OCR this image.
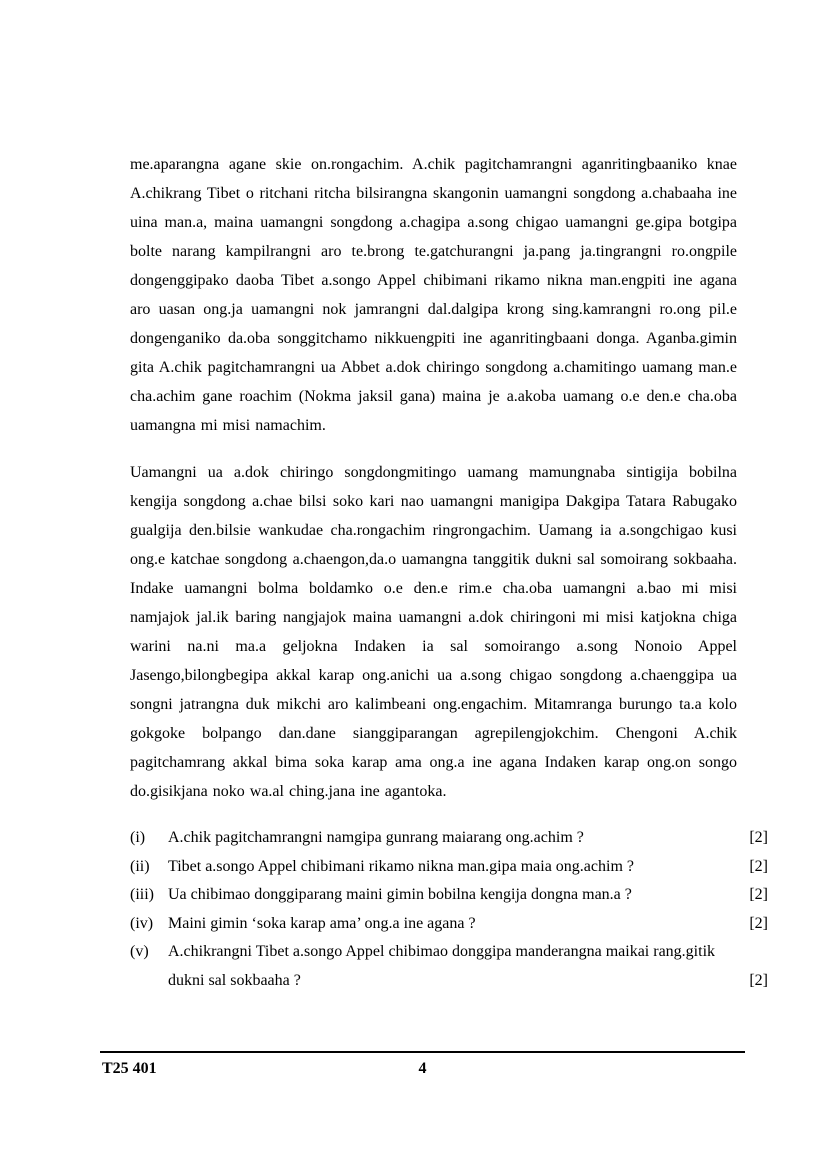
me.aparangna agane skie on.rongachim. A.chik pagitchamrangni aganritingbaaniko knae A.chikrang Tibet o ritchani ritcha bilsirangna skangonin uamangni songdong a.chabaaha ine uina man.a, maina uamangni songdong a.chagipa a.song chigao uamangni ge.gipa botgipa bolte narang kampilrangni aro te.brong te.gatchurangni ja.pang ja.tingrangni ro.ongpile dongenggipako daoba Tibet a.songo Appel chibimani rikamo nikna man.engpiti ine agana aro uasan ong.ja uamangni nok jamrangni dal.dalgipa krong sing.kamrangni ro.ong pil.e dongenganiko da.oba songgitchamo nikkuengpiti ine aganritingbaani donga. Aganba.gimin gita A.chik pagitchamrangni ua Abbet a.dok chiringo songdong a.chamitingo uamang man.e cha.achim gane roachim (Nokma jaksil gana) maina je a.akoba uamang o.e den.e cha.oba uamangna mi misi namachim.

Uamangni ua a.dok chiringo songdongmitingo uamang mamungnaba sintigija bobilna kengija songdong a.chae bilsi soko kari nao uamangni manigipa Dakgipa Tatara Rabugako gualgija den.bilsie wankudae cha.rongachim ringrongachim. Uamang ia a.songchigao kusi ong.e katchae songdong a.chaengon,da.o uamangna tanggitik dukni sal somoirang sokbaaha. Indake uamangni bolma boldamko o.e den.e rim.e cha.oba uamangni a.bao mi misi namjajok jal.ik baring nangjajok maina uamangni a.dok chiringoni mi misi katjokna chiga warini na.ni ma.a geljokna Indaken ia sal somoirango a.song Nonoio Appel Jasengo,bilongbegipa akkal karap ong.anichi ua a.song chigao songdong a.chaenggipa ua songni jatrangna duk mikchi aro kalimbeani ong.engachim. Mitamranga burungo ta.a kolo gokgoke bolpango dan.dane sianggiparangan agrepilengjokchim. Chengoni A.chik pagitchamrang akkal bima soka karap ama ong.a ine agana Indaken karap ong.on songo do.gisikjana noko wa.al ching.jana ine agantoka.

(i)	A.chik pagitchamrangni namgipa gunrang maiarang ong.achim ?	[2]
(ii)	Tibet a.songo Appel chibimani rikamo nikna man.gipa maia ong.achim ?	[2]
(iii) Ua chibimao donggiparang maini gimin bobilna kengija dongna man.a ?	[2]
(iv) Maini gimin ‘soka karap ama’ ong.a ine agana ?	[2]
(v)	A.chikrangni Tibet a.songo Appel chibimao donggipa manderangna maikai rang.gitik dukni sal sokbaaha ?	[2]
T25 401	4
